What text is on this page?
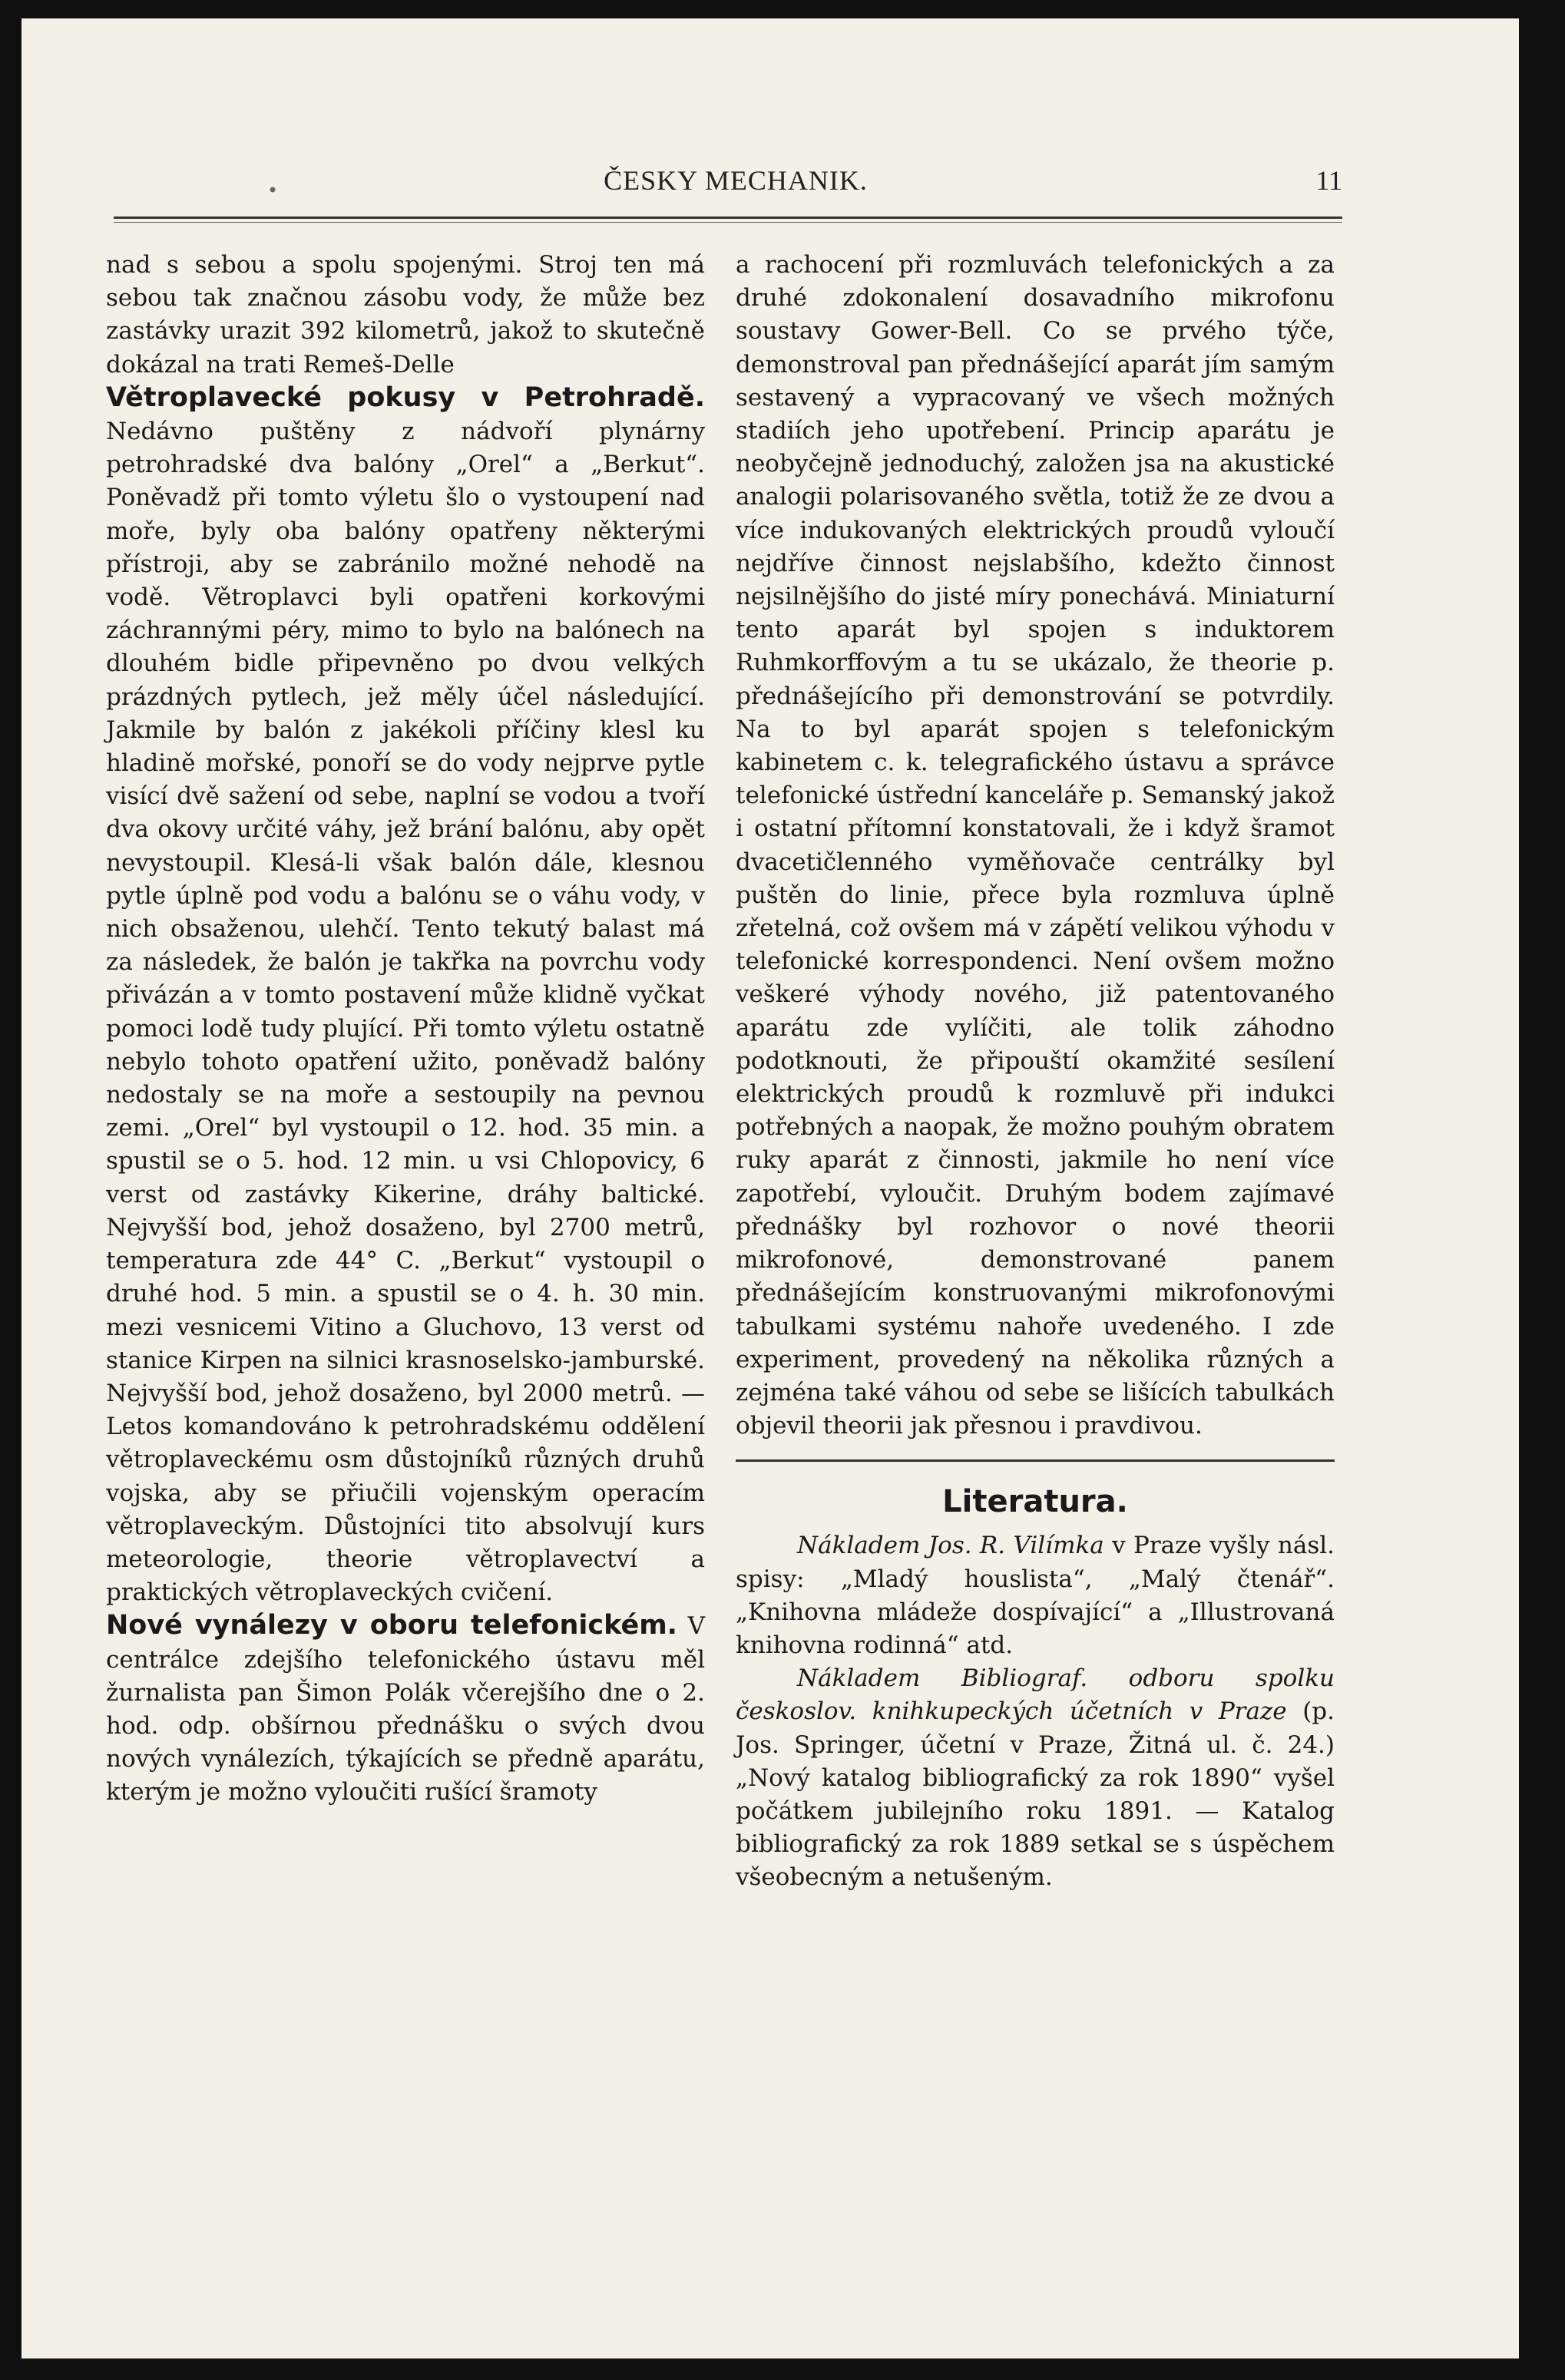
•	ČESKY MECHANIK.	11

nad s sebou a spolu spojenými. Stroj ten má sebou tak značnou zásobu vody, že může bez zastávky urazit 392 kilometrů, jakož to skutečně dokázal na trati Remeš-Delle

Větroplavecké pokusy v Petrohradě. Nedávno puštěny z nádvoří plynárny petrohradské dva balóny „Orel“ a „Berkut“. Poněvadž při tomto výletu šlo o vystoupení nad moře, byly oba balóny opatřeny některými přístroji, aby se zabránilo možné nehodě na vodě. Větroplavci byli opatřeni korkovými záchrannými péry, mimo to bylo na balónech na dlouhém bidle připevněno po dvou velkých prázdných pytlech, jež měly účel následující. Jakmile by balón z jakékoli příčiny klesl ku hladině mořské, ponoří se do vody nejprve pytle visící dvě sažení od sebe, naplní se vodou a tvoří dva okovy určité váhy, jež brání balónu, aby opět nevystoupil. Klesá-li však balón dále, klesnou pytle úplně pod vodu a balónu se o váhu vody, v nich obsaženou, ulehčí. Tento tekutý balast má za následek, že balón je takřka na povrchu vody přivázán a v tomto postavení může klidně vyčkat pomoci lodě tudy plující. Při tomto výletu ostatně nebylo tohoto opatření užito, poněvadž balóny nedostaly se na moře a sestoupily na pevnou zemi. „Orel“ byl vystoupil o 12. hod. 35 min. a spustil se o 5. hod. 12 min. u vsi Chlopovicy, 6 verst od zastávky Kikerine, dráhy baltické. Nejvyšší bod, jehož dosaženo, byl 2700 metrů, temperatura zde 44° C. „Berkut“ vystoupil o druhé hod. 5 min. a spustil se o 4. h. 30 min. mezi vesnicemi Vitino a Gluchovo, 13 verst od stanice Kirpen na silnici krasnoselsko-jamburské. Nejvyšší bod, jehož dosaženo, byl 2000 metrů. — Letos komandováno k petrohradskému oddělení větroplaveckému osm důstojníků různých druhů vojska, aby se přiučili vojenským operacím větroplaveckým. Důstojníci tito absolvují kurs meteorologie, theorie větroplavectví a praktických větroplaveckých cvičení.

Nové vynálezy v oboru telefonickém. V centrálce zdejšího telefonického ústavu měl žurnalista pan Šimon Polák včerejšího dne o 2. hod. odp. obšírnou přednášku o svých dvou nových vynálezích, týkajících se předně aparátu, kterým je možno vyloučiti rušící šramoty

a rachocení při rozmluvách telefonických a za druhé zdokonalení dosavadního mikrofonu soustavy Gower-Bell. Co se prvého týče, demonstroval pan přednášející aparát jím samým sestavený a vypracovaný ve všech možných stadiích jeho upotřebení. Princip aparátu je neobyčejně jednoduchý, založen jsa na akustické analogii polarisovaného světla, totiž že ze dvou a více indukovaných elektrických proudů vyloučí nejdříve činnost nejslabšího, kdežto činnost nejsilnějšího do jisté míry ponechává. Miniaturní tento aparát byl spojen s induktorem Ruhmkorffovým a tu se ukázalo, že theorie p. přednášejícího při demonstrování se potvrdily. Na to byl aparát spojen s telefonickým kabinetem c. k. telegrafického ústavu a správce telefonické ústřední kanceláře p. Semanský jakož i ostatní přítomní konstatovali, že i když šramot dvacetičlenného vyměňovače centrálky byl puštěn do linie, přece byla rozmluva úplně zřetelná, což ovšem má v zápětí velikou výhodu v telefonické korrespondenci. Není ovšem možno veškeré výhody nového, již patentovaného aparátu zde vylíčiti, ale tolik záhodno podotknouti, že připouští okamžité sesílení elektrických proudů k rozmluvě při indukci potřebných a naopak, že možno pouhým obratem ruky aparát z činnosti, jakmile ho není více zapotřebí, vyloučit. Druhým bodem zajímavé přednášky byl rozhovor o nové theorii mikrofonové, demonstrované panem přednášejícím konstruovanými mikrofonovými tabulkami systému nahoře uvedeného. I zde experiment, provedený na několika různých a zejména také váhou od sebe se lišících tabulkách objevil theorii jak přesnou i pravdivou.

Literatura.

Nákladem Jos. R. Vilímka v Praze vyšly násl. spisy: „Mladý houslista“, „Malý čtenář“. „Knihovna mládeže dospívající“ a „Illustrovaná knihovna rodinná“ atd.

Nákladem Bibliograf. odboru spolku českoslov. knihkupeckých účetních v Praze (p. Jos. Springer, účetní v Praze, Žitná ul. č. 24.) „Nový katalog bibliografický za rok 1890“ vyšel počátkem jubilejního roku 1891. — Katalog bibliografický za rok 1889 setkal se s úspěchem všeobecným a netušeným.
